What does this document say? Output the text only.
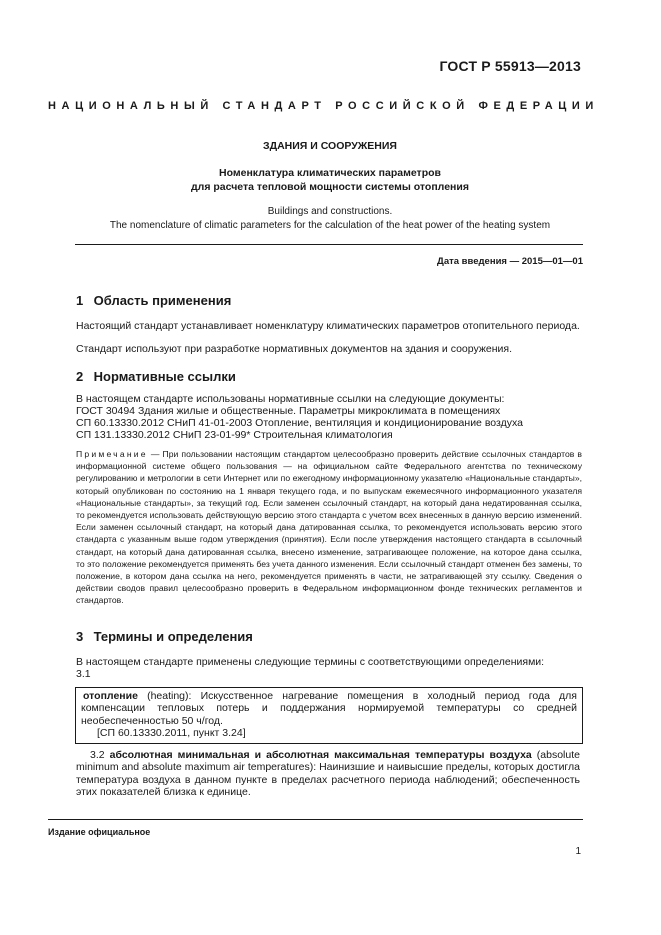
ГОСТ Р 55913—2013
НАЦИОНАЛЬНЫЙ СТАНДАРТ РОССИЙСКОЙ ФЕДЕРАЦИИ
ЗДАНИЯ И СООРУЖЕНИЯ
Номенклатура климатических параметров
для расчета тепловой мощности системы отопления
Buildings and constructions.
The nomenclature of climatic parameters for the calculation of the heat power of the heating system
Дата введения — 2015—01—01
1 Область применения
Настоящий стандарт устанавливает номенклатуру климатических параметров отопительного периода.
Стандарт используют при разработке нормативных документов на здания и сооружения.
2 Нормативные ссылки
В настоящем стандарте использованы нормативные ссылки на следующие документы:
ГОСТ 30494 Здания жилые и общественные. Параметры микроклимата в помещениях
СП 60.13330.2012 СНиП 41-01-2003 Отопление, вентиляция и кондиционирование воздуха
СП 131.13330.2012 СНиП 23-01-99* Строительная климатология
Примечание — При пользовании настоящим стандартом целесообразно проверить действие ссылочных стандартов в информационной системе общего пользования — на официальном сайте Федерального агентства по техническому регулированию и метрологии в сети Интернет или по ежегодному информационному указателю «Национальные стандарты», который опубликован по состоянию на 1 января текущего года, и по выпускам ежемесячного информационного указателя «Национальные стандарты», за текущий год. Если заменен ссылочный стандарт, на который дана недатированная ссылка, то рекомендуется использовать действующую версию этого стандарта с учетом всех внесенных в данную версию изменений. Если заменен ссылочный стандарт, на который дана датированная ссылка, то рекомендуется использовать версию этого стандарта с указанным выше годом утверждения (принятия). Если после утверждения настоящего стандарта в ссылочный стандарт, на который дана датированная ссылка, внесено изменение, затрагивающее положение, на которое дана ссылка, то это положение рекомендуется применять без учета данного изменения. Если ссылочный стандарт отменен без замены, то положение, в котором дана ссылка на него, рекомендуется применять в части, не затрагивающей эту ссылку. Сведения о действии сводов правил целесообразно проверить в Федеральном информационном фонде технических регламентов и стандартов.
3 Термины и определения
В настоящем стандарте применены следующие термины с соответствующими определениями:
3.1
отопление (heating): Искусственное нагревание помещения в холодный период года для компенсации тепловых потерь и поддержания нормируемой температуры со средней необеспеченностью 50 ч/год.
[СП 60.13330.2011, пункт 3.24]
3.2 абсолютная минимальная и абсолютная максимальная температуры воздуха (absolute minimum and absolute maximum air temperatures): Наинизшие и наивысшие пределы, которых достигла температура воздуха в данном пункте в пределах расчетного периода наблюдений; обеспеченность этих показателей близка к единице.
Издание официальное
1
